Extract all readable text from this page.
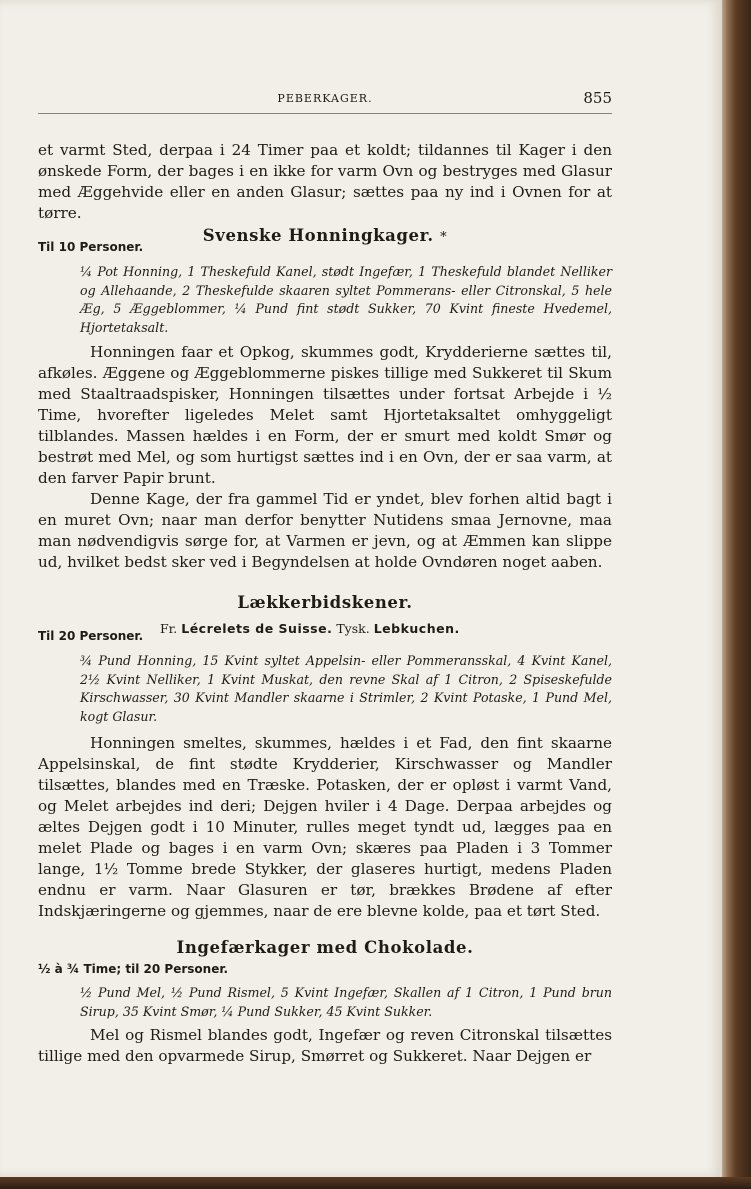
PEBERKAGER.	855

et varmt Sted, derpaa i 24 Timer paa et koldt; tildannes til Kager i den ønskede Form, der bages i en ikke for varm Ovn og bestryges med Glasur med Æggehvide eller en anden Glasur; sættes paa ny ind i Ovnen for at tørre.

Svenske Honningkager. *

Til 10 Personer.

¼ Pot Honning, 1 Theskefuld Kanel, stødt Ingefær, 1 Theskefuld blandet Nelliker og Allehaande, 2 Theskefulde skaaren syltet Pommerans- eller Citronskal, 5 hele Æg, 5 Æggeblommer, ¼ Pund fint stødt Sukker, 70 Kvint fineste Hvedemel, Hjortetaksalt.

Honningen faar et Opkog, skummes godt, Krydderierne sættes til, afkøles. Æggene og Æggeblommerne piskes tillige med Sukkeret til Skum med Staaltraadspisker, Honningen tilsættes under fortsat Arbejde i ½ Time, hvorefter ligeledes Melet samt Hjortetaksaltet omhyggeligt tilblandes. Massen hældes i en Form, der er smurt med koldt Smør og bestrøt med Mel, og som hurtigst sættes ind i en Ovn, der er saa varm, at den farver Papir brunt.

Denne Kage, der fra gammel Tid er yndet, blev forhen altid bagt i en muret Ovn; naar man derfor benytter Nutidens smaa Jernovne, maa man nødvendigvis sørge for, at Varmen er jevn, og at Æmmen kan slippe ud, hvilket bedst sker ved i Begyndelsen at holde Ovndøren noget aaben.

Lækkerbidskener.

Fr. Lécrelets de Suisse. Tysk. Lebkuchen.

Til 20 Personer.

¾ Pund Honning, 15 Kvint syltet Appelsin- eller Pommeransskal, 4 Kvint Kanel, 2½ Kvint Nelliker, 1 Kvint Muskat, den revne Skal af 1 Citron, 2 Spiseskefulde Kirschwasser, 30 Kvint Mandler skaarne i Strimler, 2 Kvint Potaske, 1 Pund Mel, kogt Glasur.

Honningen smeltes, skummes, hældes i et Fad, den fint skaarne Appelsinskal, de fint stødte Krydderier, Kirschwasser og Mandler tilsættes, blandes med en Træske. Potasken, der er opløst i varmt Vand, og Melet arbejdes ind deri; Dejgen hviler i 4 Dage. Derpaa arbejdes og æltes Dejgen godt i 10 Minuter, rulles meget tyndt ud, lægges paa en melet Plade og bages i en varm Ovn; skæres paa Pladen i 3 Tommer lange, 1½ Tomme brede Stykker, der glaseres hurtigt, medens Pladen endnu er varm. Naar Glasuren er tør, brækkes Brødene af efter Indskjæringerne og gjemmes, naar de ere blevne kolde, paa et tørt Sted.

Ingefærkager med Chokolade.

½ à ¾ Time; til 20 Personer.

½ Pund Mel, ½ Pund Rismel, 5 Kvint Ingefær, Skallen af 1 Citron, 1 Pund brun Sirup, 35 Kvint Smør, ¼ Pund Sukker, 45 Kvint Sukker.

Mel og Rismel blandes godt, Ingefær og reven Citronskal tilsættes tillige med den opvarmede Sirup, Smørret og Sukkeret. Naar Dejgen er
